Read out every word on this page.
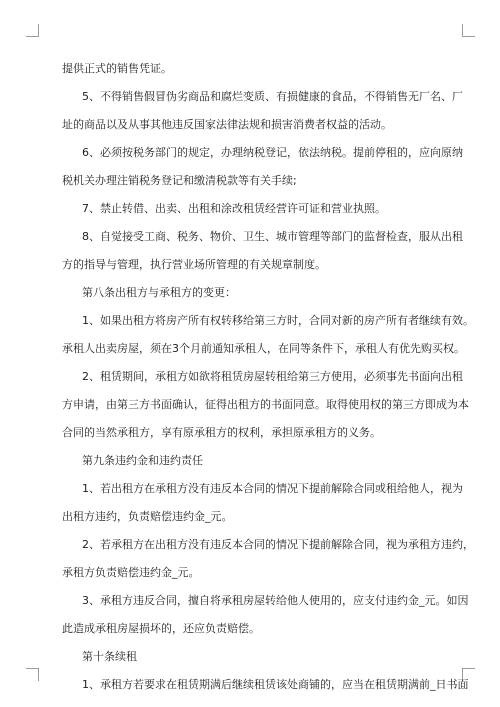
提供正式的销售凭证。
5、不得销售假冒伪劣商品和腐烂变质、有损健康的食品，不得销售无厂名、厂
址的商品以及从事其他违反国家法律法规和损害消费者权益的活动。
6、必须按税务部门的规定，办理纳税登记，依法纳税。提前停租的，应向原纳
税机关办理注销税务登记和缴清税款等有关手续;
7、禁止转借、出卖、出租和涂改租赁经营许可证和营业执照。
8、自觉接受工商、税务、物价、卫生、城市管理等部门的监督检查，服从出租
方的指导与管理，执行营业场所管理的有关规章制度。
第八条出租方与承租方的变更：
1、如果出租方将房产所有权转移给第三方时，合同对新的房产所有者继续有效。
承租人出卖房屋，须在3个月前通知承租人，在同等条件下，承租人有优先购买权。
2、租赁期间，承租方如欲将租赁房屋转租给第三方使用，必须事先书面向出租
方申请，由第三方书面确认，征得出租方的书面同意。取得使用权的第三方即成为本
合同的当然承租方，享有原承租方的权利，承担原承租方的义务。
第九条违约金和违约责任
1、若出租方在承租方没有违反本合同的情况下提前解除合同或租给他人，视为
出租方违约，负责赔偿违约金_元。
2、若承租方在出租方没有违反本合同的情况下提前解除合同，视为承租方违约，
承租方负责赔偿违约金_元。
3、承租方违反合同，擅自将承租房屋转给他人使用的，应支付违约金_元。如因
此造成承租房屋损坏的，还应负责赔偿。
第十条续租
1、承租方若要求在租赁期满后继续租赁该处商铺的，应当在租赁期满前_日书面
